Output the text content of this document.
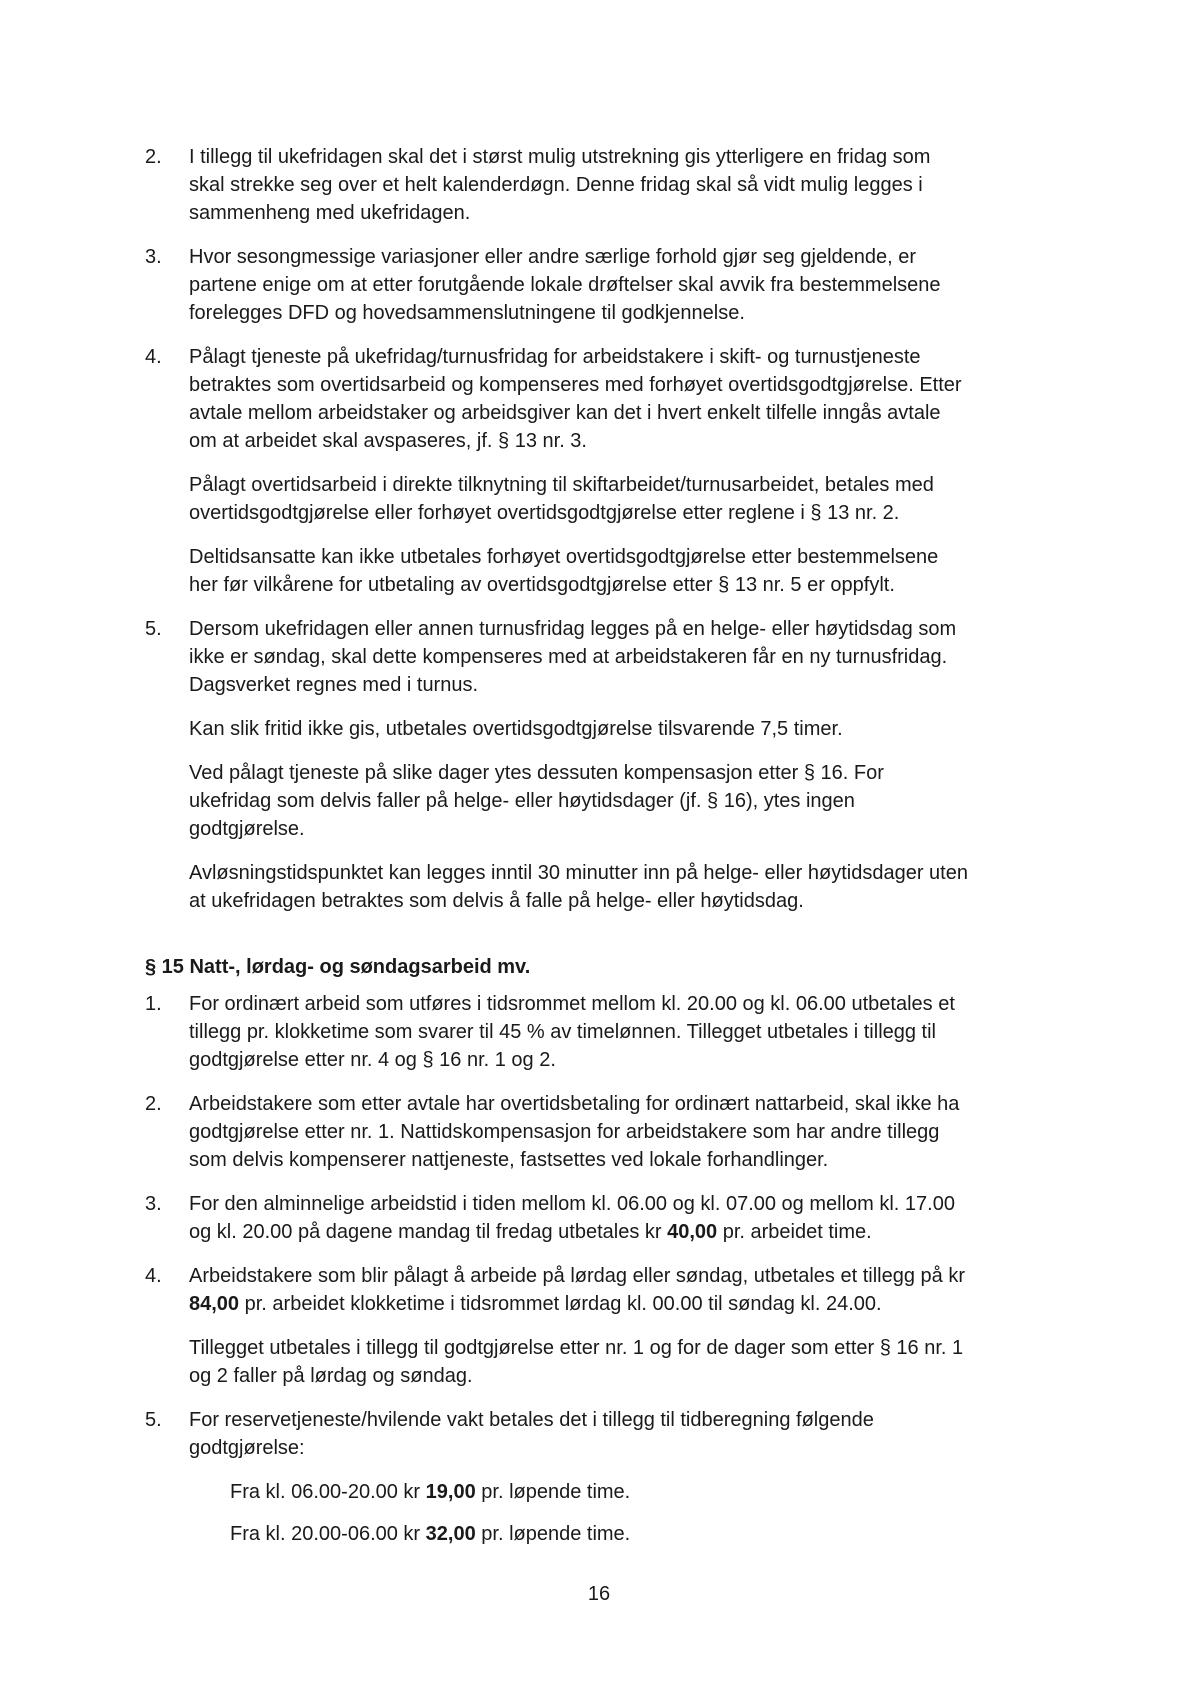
2. I tillegg til ukefridagen skal det i størst mulig utstrekning gis ytterligere en fridag som
skal strekke seg over et helt kalenderdøgn. Denne fridag skal så vidt mulig legges i
sammenheng med ukefridagen.
3. Hvor sesongmessige variasjoner eller andre særlige forhold gjør seg gjeldende, er
partene enige om at etter forutgående lokale drøftelser skal avvik fra bestemmelsene
forelegges DFD og hovedsammenslutningene til godkjennelse.
4. Pålagt tjeneste på ukefridag/turnusfridag for arbeidstakere i skift- og turnustjeneste
betraktes som overtidsarbeid og kompenseres med forhøyet overtidsgodtgjørelse. Etter
avtale mellom arbeidstaker og arbeidsgiver kan det i hvert enkelt tilfelle inngås avtale
om at arbeidet skal avspaseres, jf. § 13 nr. 3.
Pålagt overtidsarbeid i direkte tilknytning til skiftarbeidet/turnusarbeidet, betales med
overtidsgodtgjørelse eller forhøyet overtidsgodtgjørelse etter reglene i § 13 nr. 2.
Deltidsansatte kan ikke utbetales forhøyet overtidsgodtgjørelse etter bestemmelsene
her før vilkårene for utbetaling av overtidsgodtgjørelse etter § 13 nr. 5 er oppfylt.
5. Dersom ukefridagen eller annen turnusfridag legges på en helge- eller høytidsdag som
ikke er søndag, skal dette kompenseres med at arbeidstakeren får en ny turnusfridag.
Dagsverket regnes med i turnus.
Kan slik fritid ikke gis, utbetales overtidsgodtgjørelse tilsvarende 7,5 timer.
Ved pålagt tjeneste på slike dager ytes dessuten kompensasjon etter § 16. For
ukefridag som delvis faller på helge- eller høytidsdager (jf. § 16), ytes ingen
godtgjørelse.
Avløsningstidspunktet kan legges inntil 30 minutter inn på helge- eller høytidsdager uten
at ukefridagen betraktes som delvis å falle på helge- eller høytidsdag.
§ 15 Natt-, lørdag- og søndagsarbeid mv.
1. For ordinært arbeid som utføres i tidsrommet mellom kl. 20.00 og kl. 06.00 utbetales et
tillegg pr. klokketime som svarer til 45 % av timelønnen. Tillegget utbetales i tillegg til
godtgjørelse etter nr. 4 og § 16 nr. 1 og 2.
2. Arbeidstakere som etter avtale har overtidsbetaling for ordinært nattarbeid, skal ikke ha
godtgjørelse etter nr. 1. Nattidskompensasjon for arbeidstakere som har andre tillegg
som delvis kompenserer nattjeneste, fastsettes ved lokale forhandlinger.
3. For den alminnelige arbeidstid i tiden mellom kl. 06.00 og kl. 07.00 og mellom kl. 17.00
og kl. 20.00 på dagene mandag til fredag utbetales kr 40,00 pr. arbeidet time.
4. Arbeidstakere som blir pålagt å arbeide på lørdag eller søndag, utbetales et tillegg på kr
84,00 pr. arbeidet klokketime i tidsrommet lørdag kl. 00.00 til søndag kl. 24.00.
Tillegget utbetales i tillegg til godtgjørelse etter nr. 1 og for de dager som etter § 16 nr. 1
og 2 faller på lørdag og søndag.
5. For reservetjeneste/hvilende vakt betales det i tillegg til tidberegning følgende
godtgjørelse:
Fra kl. 06.00-20.00 kr 19,00 pr. løpende time.
Fra kl. 20.00-06.00 kr 32,00 pr. løpende time.
16
